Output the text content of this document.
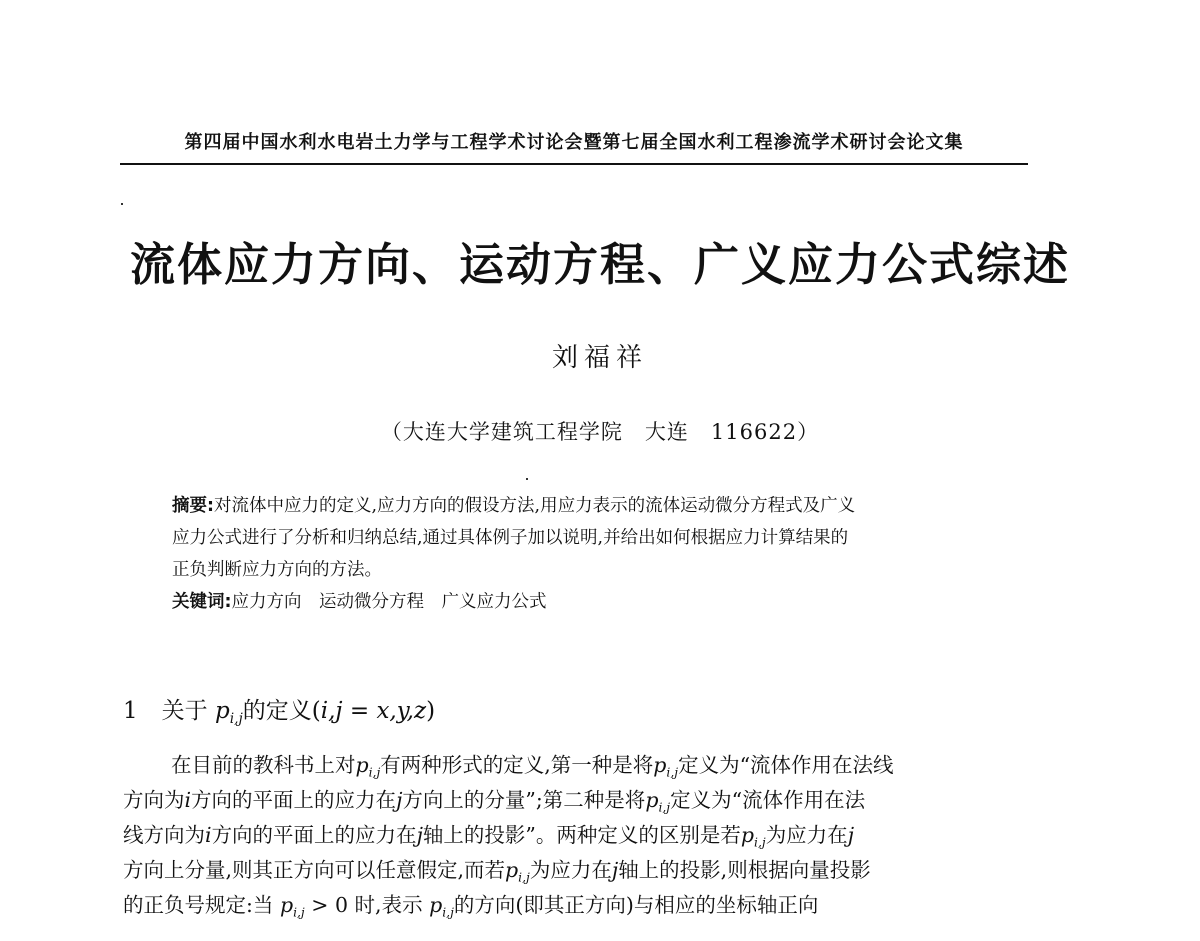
第四届中国水利水电岩土力学与工程学术讨论会暨第七届全国水利工程渗流学术研讨会论文集
流体应力方向、运动方程、广义应力公式综述
刘福祥
（大连大学建筑工程学院　大连　116622）
摘要:对流体中应力的定义,应力方向的假设方法,用应力表示的流体运动微分方程式及广义
应力公式进行了分析和归纳总结,通过具体例子加以说明,并给出如何根据应力计算结果的
正负判断应力方向的方法。
关键词:应力方向　运动微分方程　广义应力公式
1 关于 $p_{i,j}$的定义(i,j = x,y,z)
在目前的教科书上对$p_{i,j}$有两种形式的定义,第一种是将$p_{i,j}$定义为“流体作用在法线
方向为i方向的平面上的应力在j方向上的分量”;第二种是将$p_{i,j}$定义为“流体作用在法
线方向为i方向的平面上的应力在j轴上的投影”。两种定义的区别是若$p_{i,j}$为应力在j
方向上分量,则其正方向可以任意假定,而若$p_{i,j}$为应力在j轴上的投影,则根据向量投影
的正负号规定:当 $p_{i,j} > 0$ 时,表示 $p_{i,j}$的方向(即其正方向)与相应的坐标轴正向
